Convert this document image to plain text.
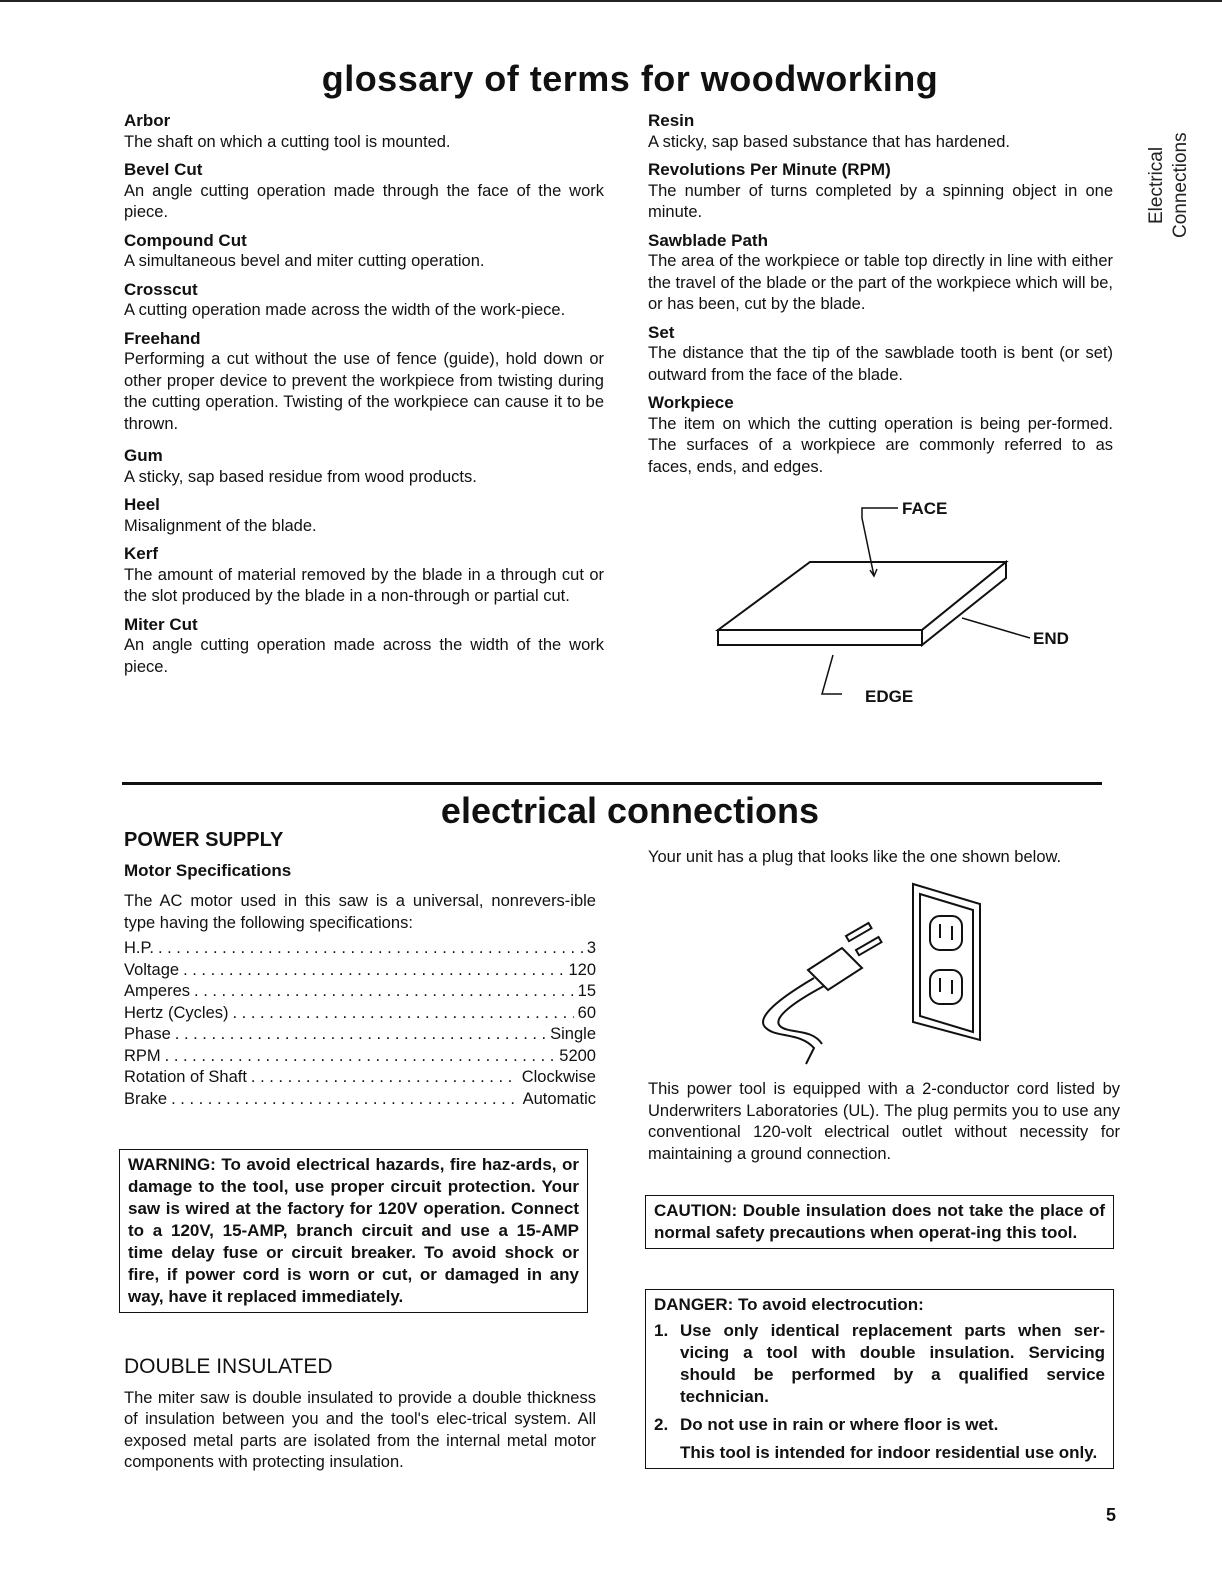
glossary of terms for woodworking
Arbor
The shaft on which a cutting tool is mounted.
Bevel Cut
An angle cutting operation made through the face of the work piece.
Compound Cut
A simultaneous bevel and miter cutting operation.
Crosscut
A cutting operation made across the width of the work-piece.
Freehand
Performing a cut without the use of fence (guide), hold down or other proper device to prevent the workpiece from twisting during the cutting operation. Twisting of the workpiece can cause it to be thrown.
Gum
A sticky, sap based residue from wood products.
Heel
Misalignment of the blade.
Kerf
The amount of material removed by the blade in a through cut or the slot produced by the blade in a non-through or partial cut.
Miter Cut
An angle cutting operation made across the width of the work piece.
Resin
A sticky, sap based substance that has hardened.
Revolutions Per Minute (RPM)
The number of turns completed by a spinning object in one minute.
Sawblade Path
The area of the workpiece or table top directly in line with either the travel of the blade or the part of the workpiece which will be, or has been, cut by the blade.
Set
The distance that the tip of the sawblade tooth is bent (or set) outward from the face of the blade.
Workpiece
The item on which the cutting operation is being per-formed. The surfaces of a workpiece are commonly referred to as faces, ends, and edges.
Electrical Connections
FACE
END
EDGE
electrical connections
POWER SUPPLY
Motor Specifications
The AC motor used in this saw is a universal, nonrevers-ible type having the following specifications:
H.P. . . .	3
Voltage . . .	120
Amperes . . .	15
Hertz (Cycles) . . .	60
Phase . . .	Single
RPM . . .	5200
Rotation of Shaft . . .	Clockwise
Brake . . .	Automatic
WARNING: To avoid electrical hazards, fire haz-ards, or damage to the tool, use proper circuit protection. Your saw is wired at the factory for 120V operation. Connect to a 120V, 15-AMP, branch circuit and use a 15-AMP time delay fuse or circuit breaker. To avoid shock or fire, if power cord is worn or cut, or damaged in any way, have it replaced immediately.
DOUBLE INSULATED
The miter saw is double insulated to provide a double thickness of insulation between you and the tool's elec-trical system. All exposed metal parts are isolated from the internal metal motor components with protecting insulation.
Your unit has a plug that looks like the one shown below.
This power tool is equipped with a 2-conductor cord listed by Underwriters Laboratories (UL). The plug permits you to use any conventional 120-volt electrical outlet without necessity for maintaining a ground connection.
CAUTION: Double insulation does not take the place of normal safety precautions when operat-ing this tool.
DANGER: To avoid electrocution:
1. Use only identical replacement parts when ser-vicing a tool with double insulation. Servicing should be performed by a qualified service technician.
2. Do not use in rain or where floor is wet.
This tool is intended for indoor residential use only.
5
